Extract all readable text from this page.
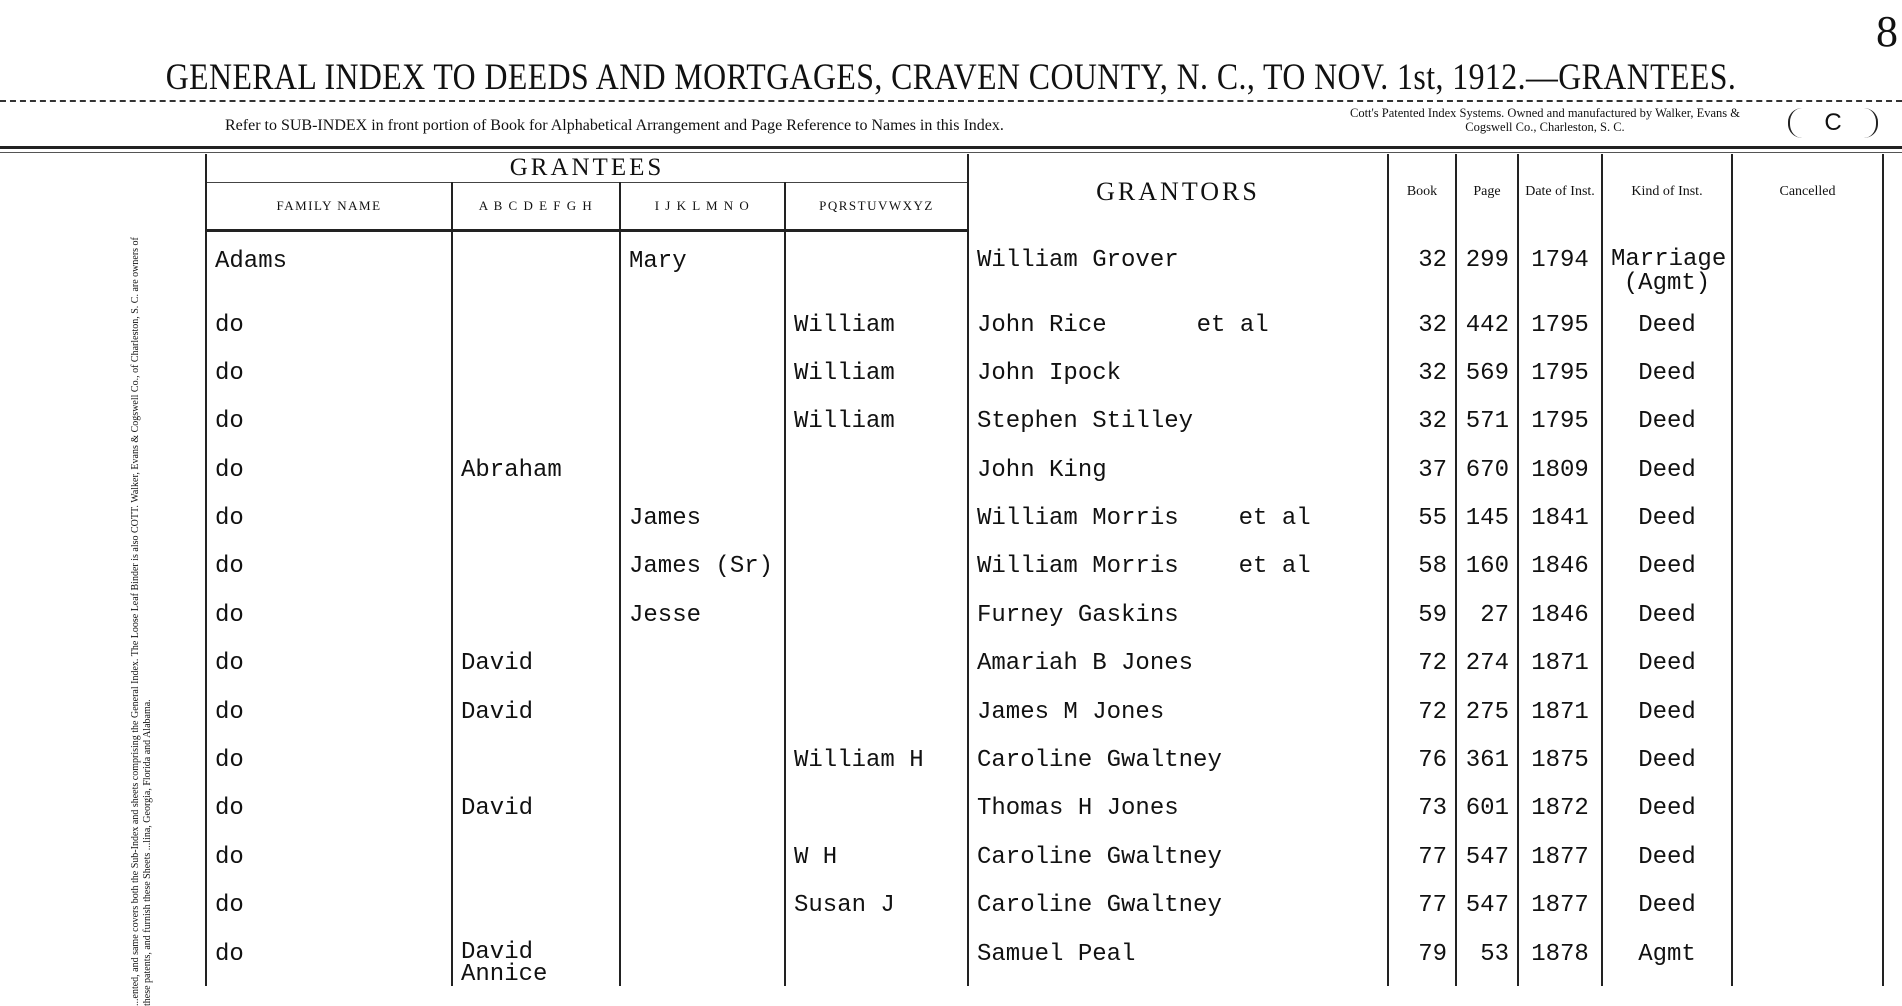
8
GENERAL INDEX TO DEEDS AND MORTGAGES, CRAVEN COUNTY, N. C., TO NOV. 1st, 1912.—GRANTEES.
Refer to SUB-INDEX in front portion of Book for Alphabetical Arrangement and Page Reference to Names in this Index.
Cott's Patented Index Systems. Owned and manufactured by Walker, Evans & Cogswell Co., Charleston, S. C.	C
...ented, and same covers both the Sub-Index and sheets comprising the General Index. The Loose Leaf Binder is also COTT. Walker, Evans & Cogswell Co., of Charleston, S. C. are owners of these patents, and furnish these Sheets ...lina, Georgia, Florida and Alabama.
GRANTEES				GRANTORS	Book	Page	Date of Inst.	Kind of Inst.	Cancelled
FAMILY NAME	A B C D E F G H	I J K L M N O	PQRSTUVWXYZ						
Adams		Mary		William Grover	32	299	1794	Marriage (Agmt)	
do			William	John Rice et al	32	442	1795	Deed	
do			William	John Ipock	32	569	1795	Deed	
do			William	Stephen Stilley	32	571	1795	Deed	
do	Abraham			John King	37	670	1809	Deed	
do		James		William Morris et al	55	145	1841	Deed	
do		James (Sr)		William Morris et al	58	160	1846	Deed	
do		Jesse		Furney Gaskins	59	27	1846	Deed	
do	David			Amariah B Jones	72	274	1871	Deed	
do	David			James M Jones	72	275	1871	Deed	
do			William H	Caroline Gwaltney	76	361	1875	Deed	
do	David			Thomas H Jones	73	601	1872	Deed	
do			W H	Caroline Gwaltney	77	547	1877	Deed	
do			Susan J	Caroline Gwaltney	77	547	1877	Deed	
do	David Annice			Samuel Peal	79	53	1878	Agmt	
